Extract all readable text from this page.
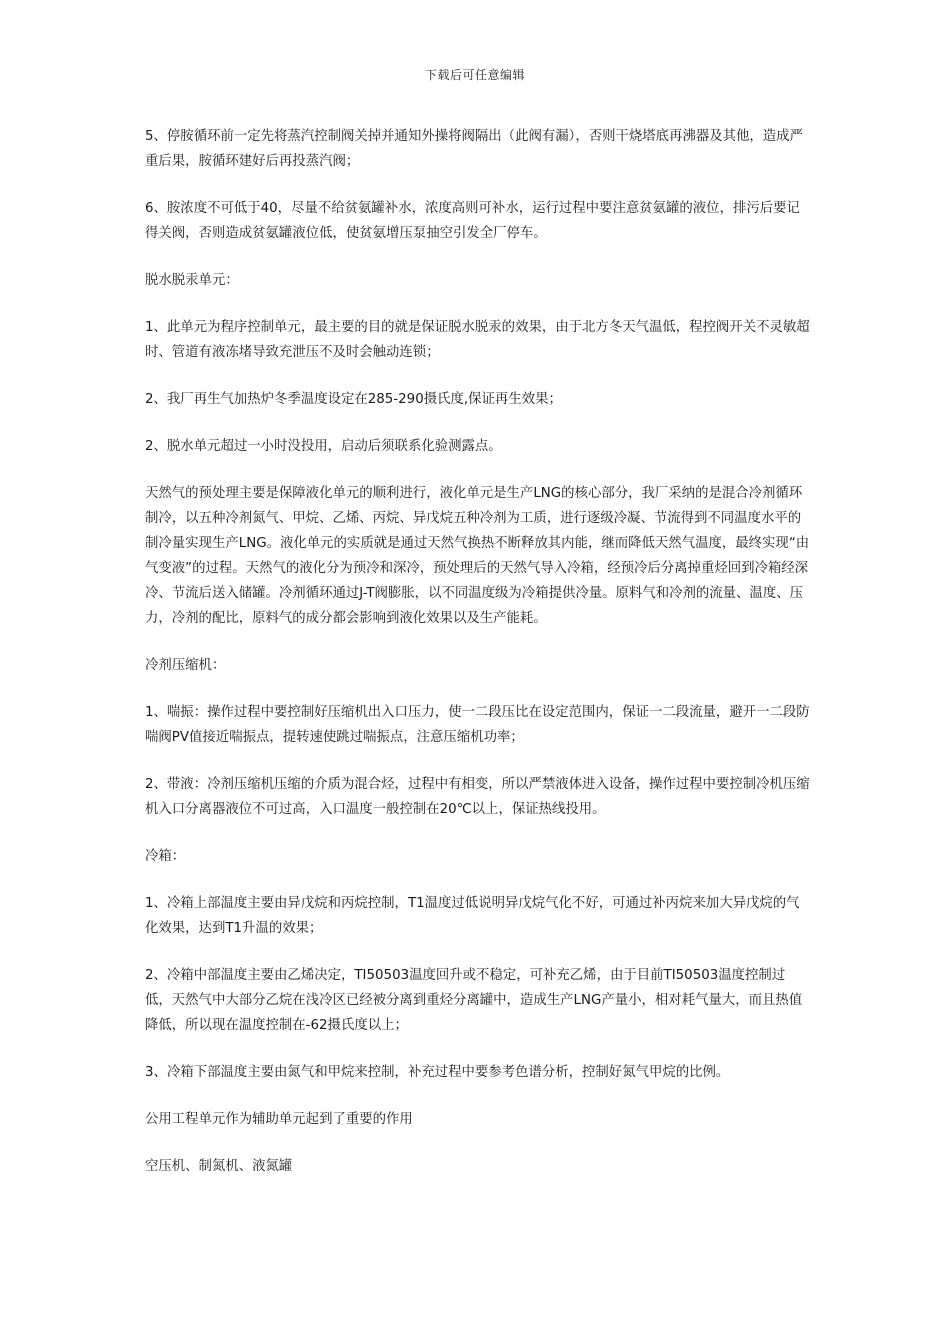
下载后可任意编辑

5、停胺循环前一定先将蒸汽控制阀关掉并通知外操将阀隔出（此阀有漏），否则干烧塔底再沸器及其他，造成严重后果，胺循环建好后再投蒸汽阀；

6、胺浓度不可低于40，尽量不给贫氨罐补水，浓度高则可补水，运行过程中要注意贫氨罐的液位，排污后要记得关阀，否则造成贫氨罐液位低，使贫氨增压泵抽空引发全厂停车。

脱水脱汞单元：

1、此单元为程序控制单元，最主要的目的就是保证脱水脱汞的效果，由于北方冬天气温低，程控阀开关不灵敏超时、管道有液冻堵导致充泄压不及时会触动连锁；

2、我厂再生气加热炉冬季温度设定在285-290摄氏度,保证再生效果；

2、脱水单元超过一小时没投用，启动后须联系化验测露点。

天然气的预处理主要是保障液化单元的顺利进行，液化单元是生产LNG的核心部分，我厂采纳的是混合冷剂循环制冷，以五种冷剂氮气、甲烷、乙烯、丙烷、异戊烷五种冷剂为工质，进行逐级冷凝、节流得到不同温度水平的制冷量实现生产LNG。液化单元的实质就是通过天然气换热不断释放其内能，继而降低天然气温度，最终实现“由气变液”的过程。天然气的液化分为预冷和深冷，预处理后的天然气导入冷箱，经预冷后分离掉重烃回到冷箱经深冷、节流后送入储罐。冷剂循环通过J-T阀膨胀，以不同温度级为冷箱提供冷量。原料气和冷剂的流量、温度、压力，冷剂的配比，原料气的成分都会影响到液化效果以及生产能耗。

冷剂压缩机：

1、喘振：操作过程中要控制好压缩机出入口压力，使一二段压比在设定范围内，保证一二段流量，避开一二段防喘阀PV值接近喘振点，提转速使跳过喘振点，注意压缩机功率；

2、带液：冷剂压缩机压缩的介质为混合烃，过程中有相变，所以严禁液体进入设备，操作过程中要控制冷机压缩机入口分离器液位不可过高，入口温度一般控制在20℃以上，保证热线投用。

冷箱：

1、冷箱上部温度主要由异戊烷和丙烷控制，T1温度过低说明异戊烷气化不好，可通过补丙烷来加大异戊烷的气化效果，达到T1升温的效果；

2、冷箱中部温度主要由乙烯决定，TI50503温度回升或不稳定，可补充乙烯，由于目前TI50503温度控制过低，天然气中大部分乙烷在浅冷区已经被分离到重烃分离罐中，造成生产LNG产量小，相对耗气量大，而且热值降低，所以现在温度控制在-62摄氏度以上；

3、冷箱下部温度主要由氮气和甲烷来控制，补充过程中要参考色谱分析，控制好氮气甲烷的比例。

公用工程单元作为辅助单元起到了重要的作用

空压机、制氮机、液氮罐
